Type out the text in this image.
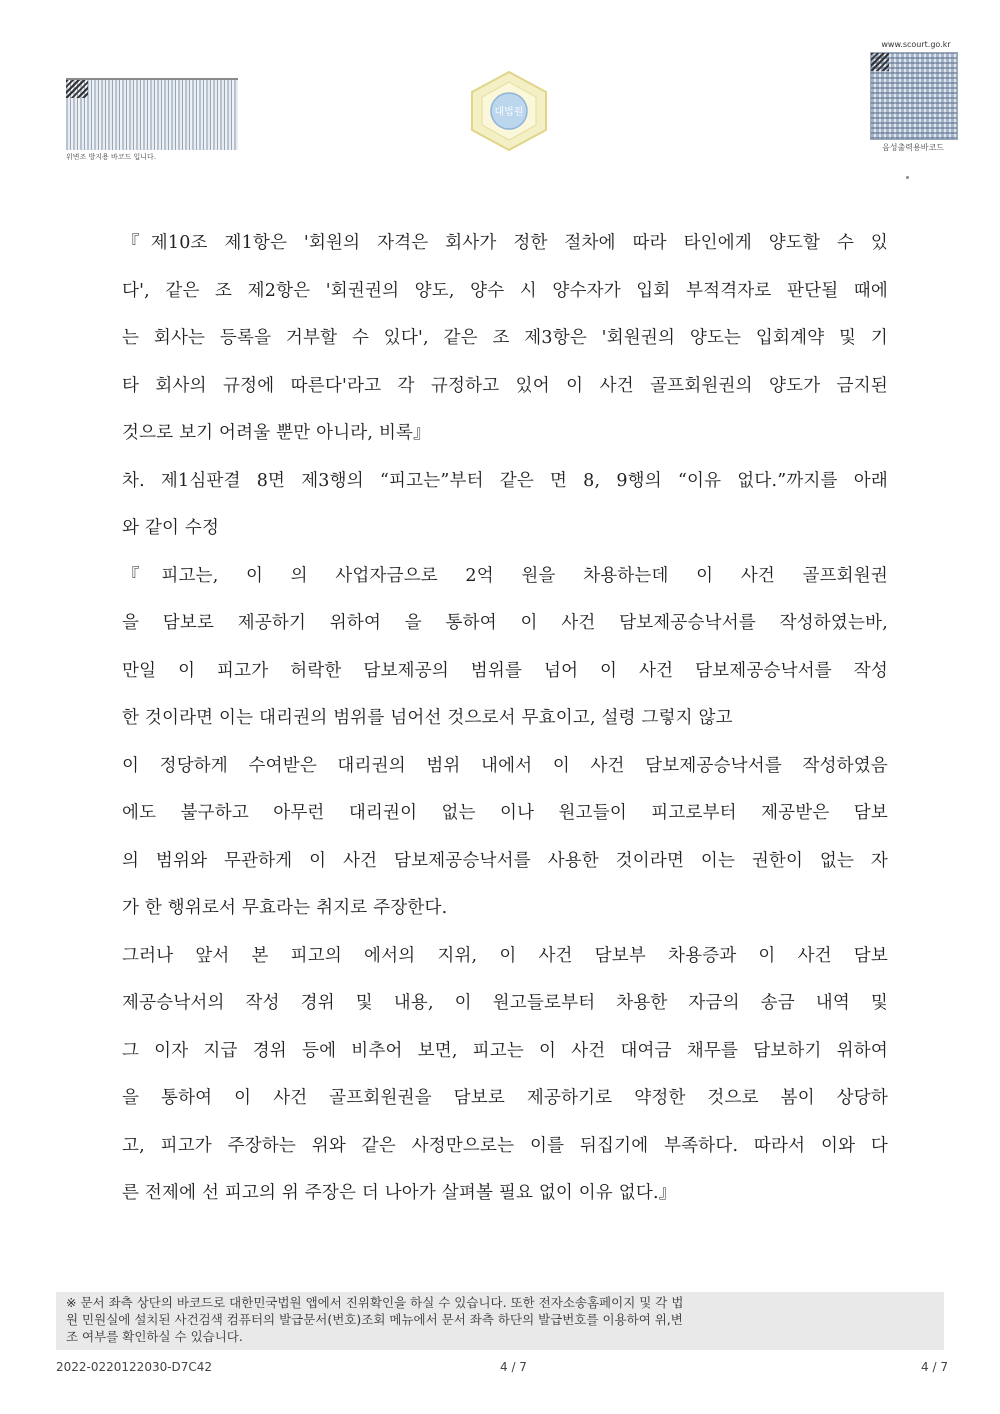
위변조 방지용 바코드 입니다.
대법원
www.scourt.go.kr
음성출력용바코드
『제10조 제1항은 '회원의 자격은 회사가 정한 절차에 따라 타인에게 양도할 수 있
다', 같은 조 제2항은 '회권권의 양도, 양수 시 양수자가 입회 부적격자로 판단될 때에
는 회사는 등록을 거부할 수 있다', 같은 조 제3항은 '회원권의 양도는 입회계약 및 기
타 회사의 규정에 따른다'라고 각 규정하고 있어 이 사건 골프회원권의 양도가 금지된
것으로 보기 어려울 뿐만 아니라, 비록』
차. 제1심판결 8면 제3행의 “피고는”부터 같은 면 8, 9행의 “이유 없다.”까지를 아래
와 같이 수정
『피고는, 이 의 사업자금으로 2억 원을 차용하는데 이 사건 골프회원권
을 담보로 제공하기 위하여 을 통하여 이 사건 담보제공승낙서를 작성하였는바,
만일 이 피고가 허락한 담보제공의 범위를 넘어 이 사건 담보제공승낙서를 작성
한 것이라면 이는 대리권의 범위를 넘어선 것으로서 무효이고, 설령 그렇지 않고
이 정당하게 수여받은 대리권의 범위 내에서 이 사건 담보제공승낙서를 작성하였음
에도 불구하고 아무런 대리권이 없는 이나 원고들이 피고로부터 제공받은 담보
의 범위와 무관하게 이 사건 담보제공승낙서를 사용한 것이라면 이는 권한이 없는 자
가 한 행위로서 무효라는 취지로 주장한다.
그러나 앞서 본 피고의 에서의 지위, 이 사건 담보부 차용증과 이 사건 담보
제공승낙서의 작성 경위 및 내용, 이 원고들로부터 차용한 자금의 송금 내역 및
그 이자 지급 경위 등에 비추어 보면, 피고는 이 사건 대여금 채무를 담보하기 위하여
을 통하여 이 사건 골프회원권을 담보로 제공하기로 약정한 것으로 봄이 상당하
고, 피고가 주장하는 위와 같은 사정만으로는 이를 뒤집기에 부족하다. 따라서 이와 다
른 전제에 선 피고의 위 주장은 더 나아가 살펴볼 필요 없이 이유 없다.』
※ 문서 좌측 상단의 바코드로 대한민국법원 앱에서 진위확인을 하실 수 있습니다. 또한 전자소송홈페이지 및 각 법
원 민원실에 설치된 사건검색 컴퓨터의 발급문서(번호)조회 메뉴에서 문서 좌측 하단의 발급번호를 이용하여 위,변
조 여부를 확인하실 수 있습니다.
2022-0220122030-D7C42	4 / 7	4 / 7
